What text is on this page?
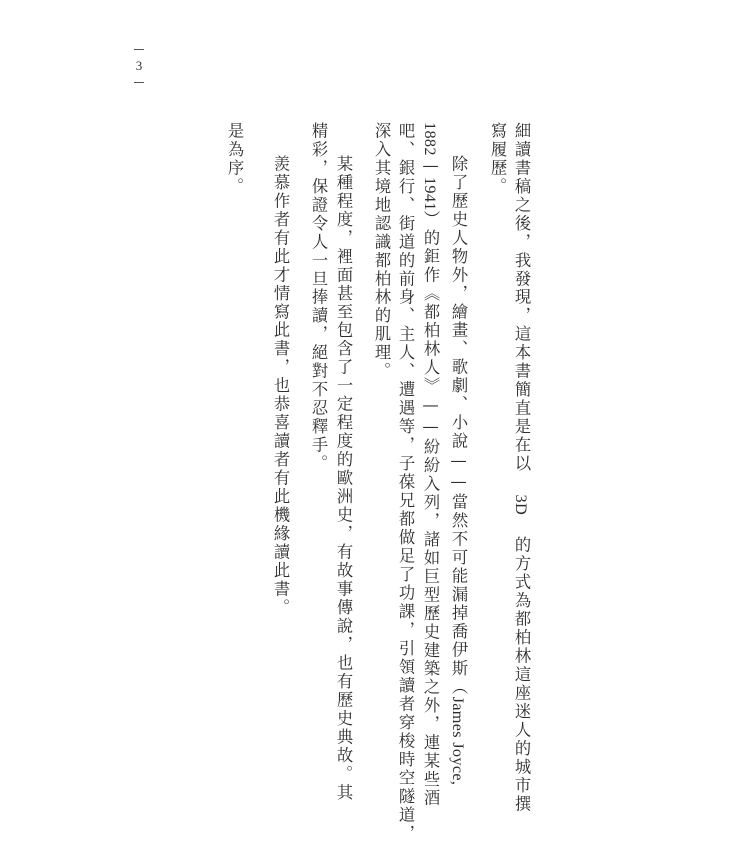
3
細讀書稿之後，我發現，這本書簡直是在以 3D 的方式為都柏林這座迷人的城市撰
寫履歷。
除了歷史人物外，繪畫、歌劇、小說——當然不可能漏掉喬伊斯（James Joyce,
1882—1941）的鉅作《都柏林人》——紛紛入列，諸如巨型歷史建築之外，連某些酒
吧、銀行、街道的前身、主人、遭遇等，子葆兄都做足了功課，引領讀者穿梭時空隧道，
深入其境地認識都柏林的肌理。
某種程度，裡面甚至包含了一定程度的歐洲史，有故事傳說，也有歷史典故。其
精彩，保證令人一旦捧讀，絕對不忍釋手。
羨慕作者有此才情寫此書，也恭喜讀者有此機緣讀此書。
是為序。
